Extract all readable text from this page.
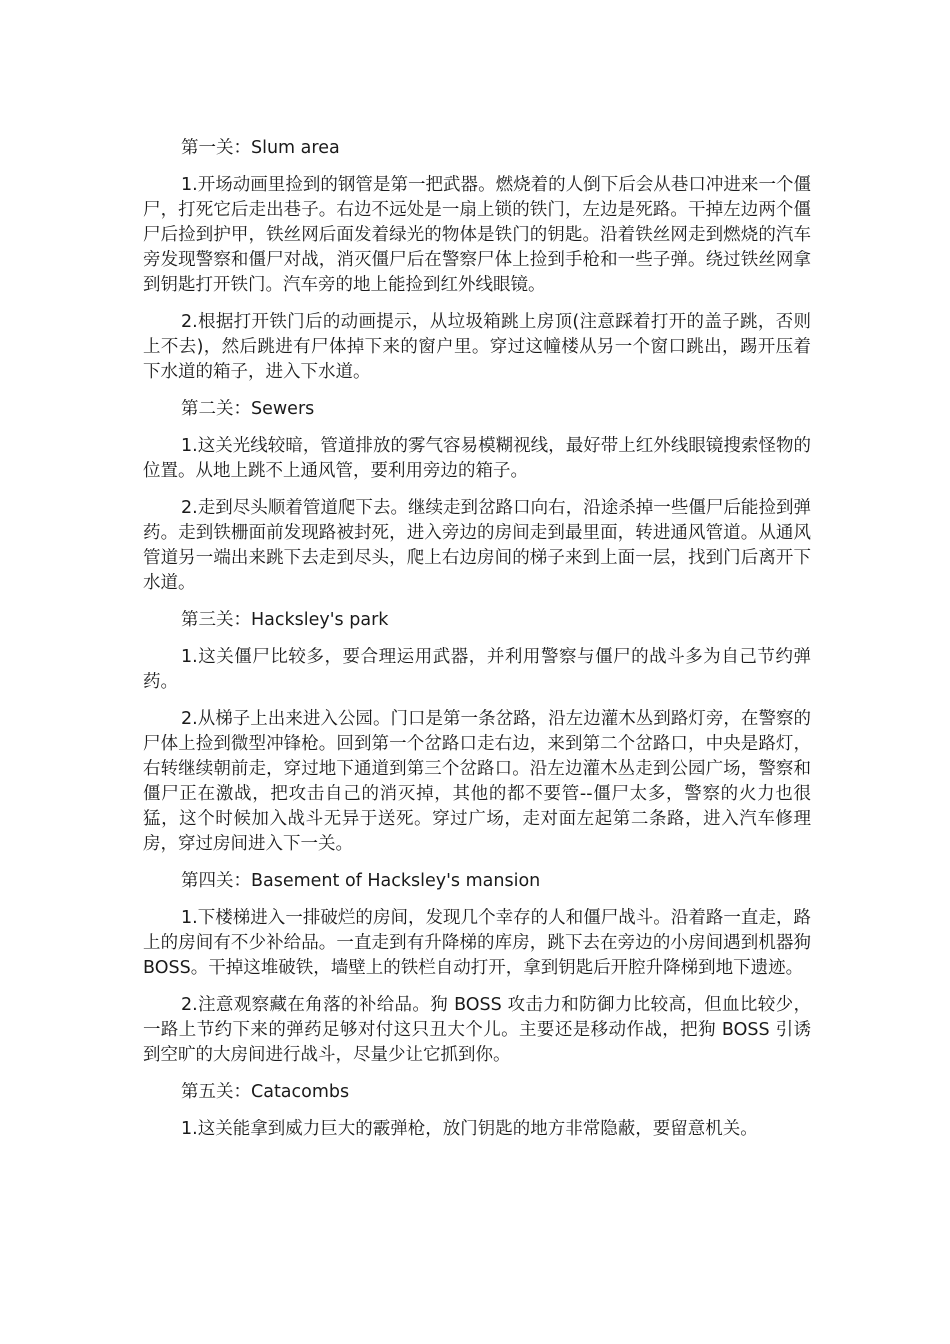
第一关：Slum area

1.开场动画里捡到的钢管是第一把武器。燃烧着的人倒下后会从巷口冲进来一个僵尸，打死它后走出巷子。右边不远处是一扇上锁的铁门，左边是死路。干掉左边两个僵尸后捡到护甲，铁丝网后面发着绿光的物体是铁门的钥匙。沿着铁丝网走到燃烧的汽车旁发现警察和僵尸对战，消灭僵尸后在警察尸体上捡到手枪和一些子弹。绕过铁丝网拿到钥匙打开铁门。汽车旁的地上能捡到红外线眼镜。

2.根据打开铁门后的动画提示，从垃圾箱跳上房顶(注意踩着打开的盖子跳，否则上不去)，然后跳进有尸体掉下来的窗户里。穿过这幢楼从另一个窗口跳出，踢开压着下水道的箱子，进入下水道。

第二关：Sewers

1.这关光线较暗，管道排放的雾气容易模糊视线，最好带上红外线眼镜搜索怪物的位置。从地上跳不上通风管，要利用旁边的箱子。

2.走到尽头顺着管道爬下去。继续走到岔路口向右，沿途杀掉一些僵尸后能捡到弹药。走到铁栅面前发现路被封死，进入旁边的房间走到最里面，转进通风管道。从通风管道另一端出来跳下去走到尽头，爬上右边房间的梯子来到上面一层，找到门后离开下水道。

第三关：Hacksley's park

1.这关僵尸比较多，要合理运用武器，并利用警察与僵尸的战斗多为自己节约弹药。

2.从梯子上出来进入公园。门口是第一条岔路，沿左边灌木丛到路灯旁，在警察的尸体上捡到微型冲锋枪。回到第一个岔路口走右边，来到第二个岔路口，中央是路灯，右转继续朝前走，穿过地下通道到第三个岔路口。沿左边灌木丛走到公园广场，警察和僵尸正在激战，把攻击自己的消灭掉，其他的都不要管--僵尸太多，警察的火力也很猛，这个时候加入战斗无异于送死。穿过广场，走对面左起第二条路，进入汽车修理房，穿过房间进入下一关。

第四关：Basement of Hacksley's mansion

1.下楼梯进入一排破烂的房间，发现几个幸存的人和僵尸战斗。沿着路一直走，路上的房间有不少补给品。一直走到有升降梯的库房，跳下去在旁边的小房间遇到机器狗 BOSS。干掉这堆破铁，墙壁上的铁栏自动打开，拿到钥匙后开腔升降梯到地下遗迹。

2.注意观察藏在角落的补给品。狗 BOSS 攻击力和防御力比较高，但血比较少，一路上节约下来的弹药足够对付这只丑大个儿。主要还是移动作战，把狗 BOSS 引诱到空旷的大房间进行战斗，尽量少让它抓到你。

第五关：Catacombs

1.这关能拿到威力巨大的霰弹枪，放门钥匙的地方非常隐蔽，要留意机关。
